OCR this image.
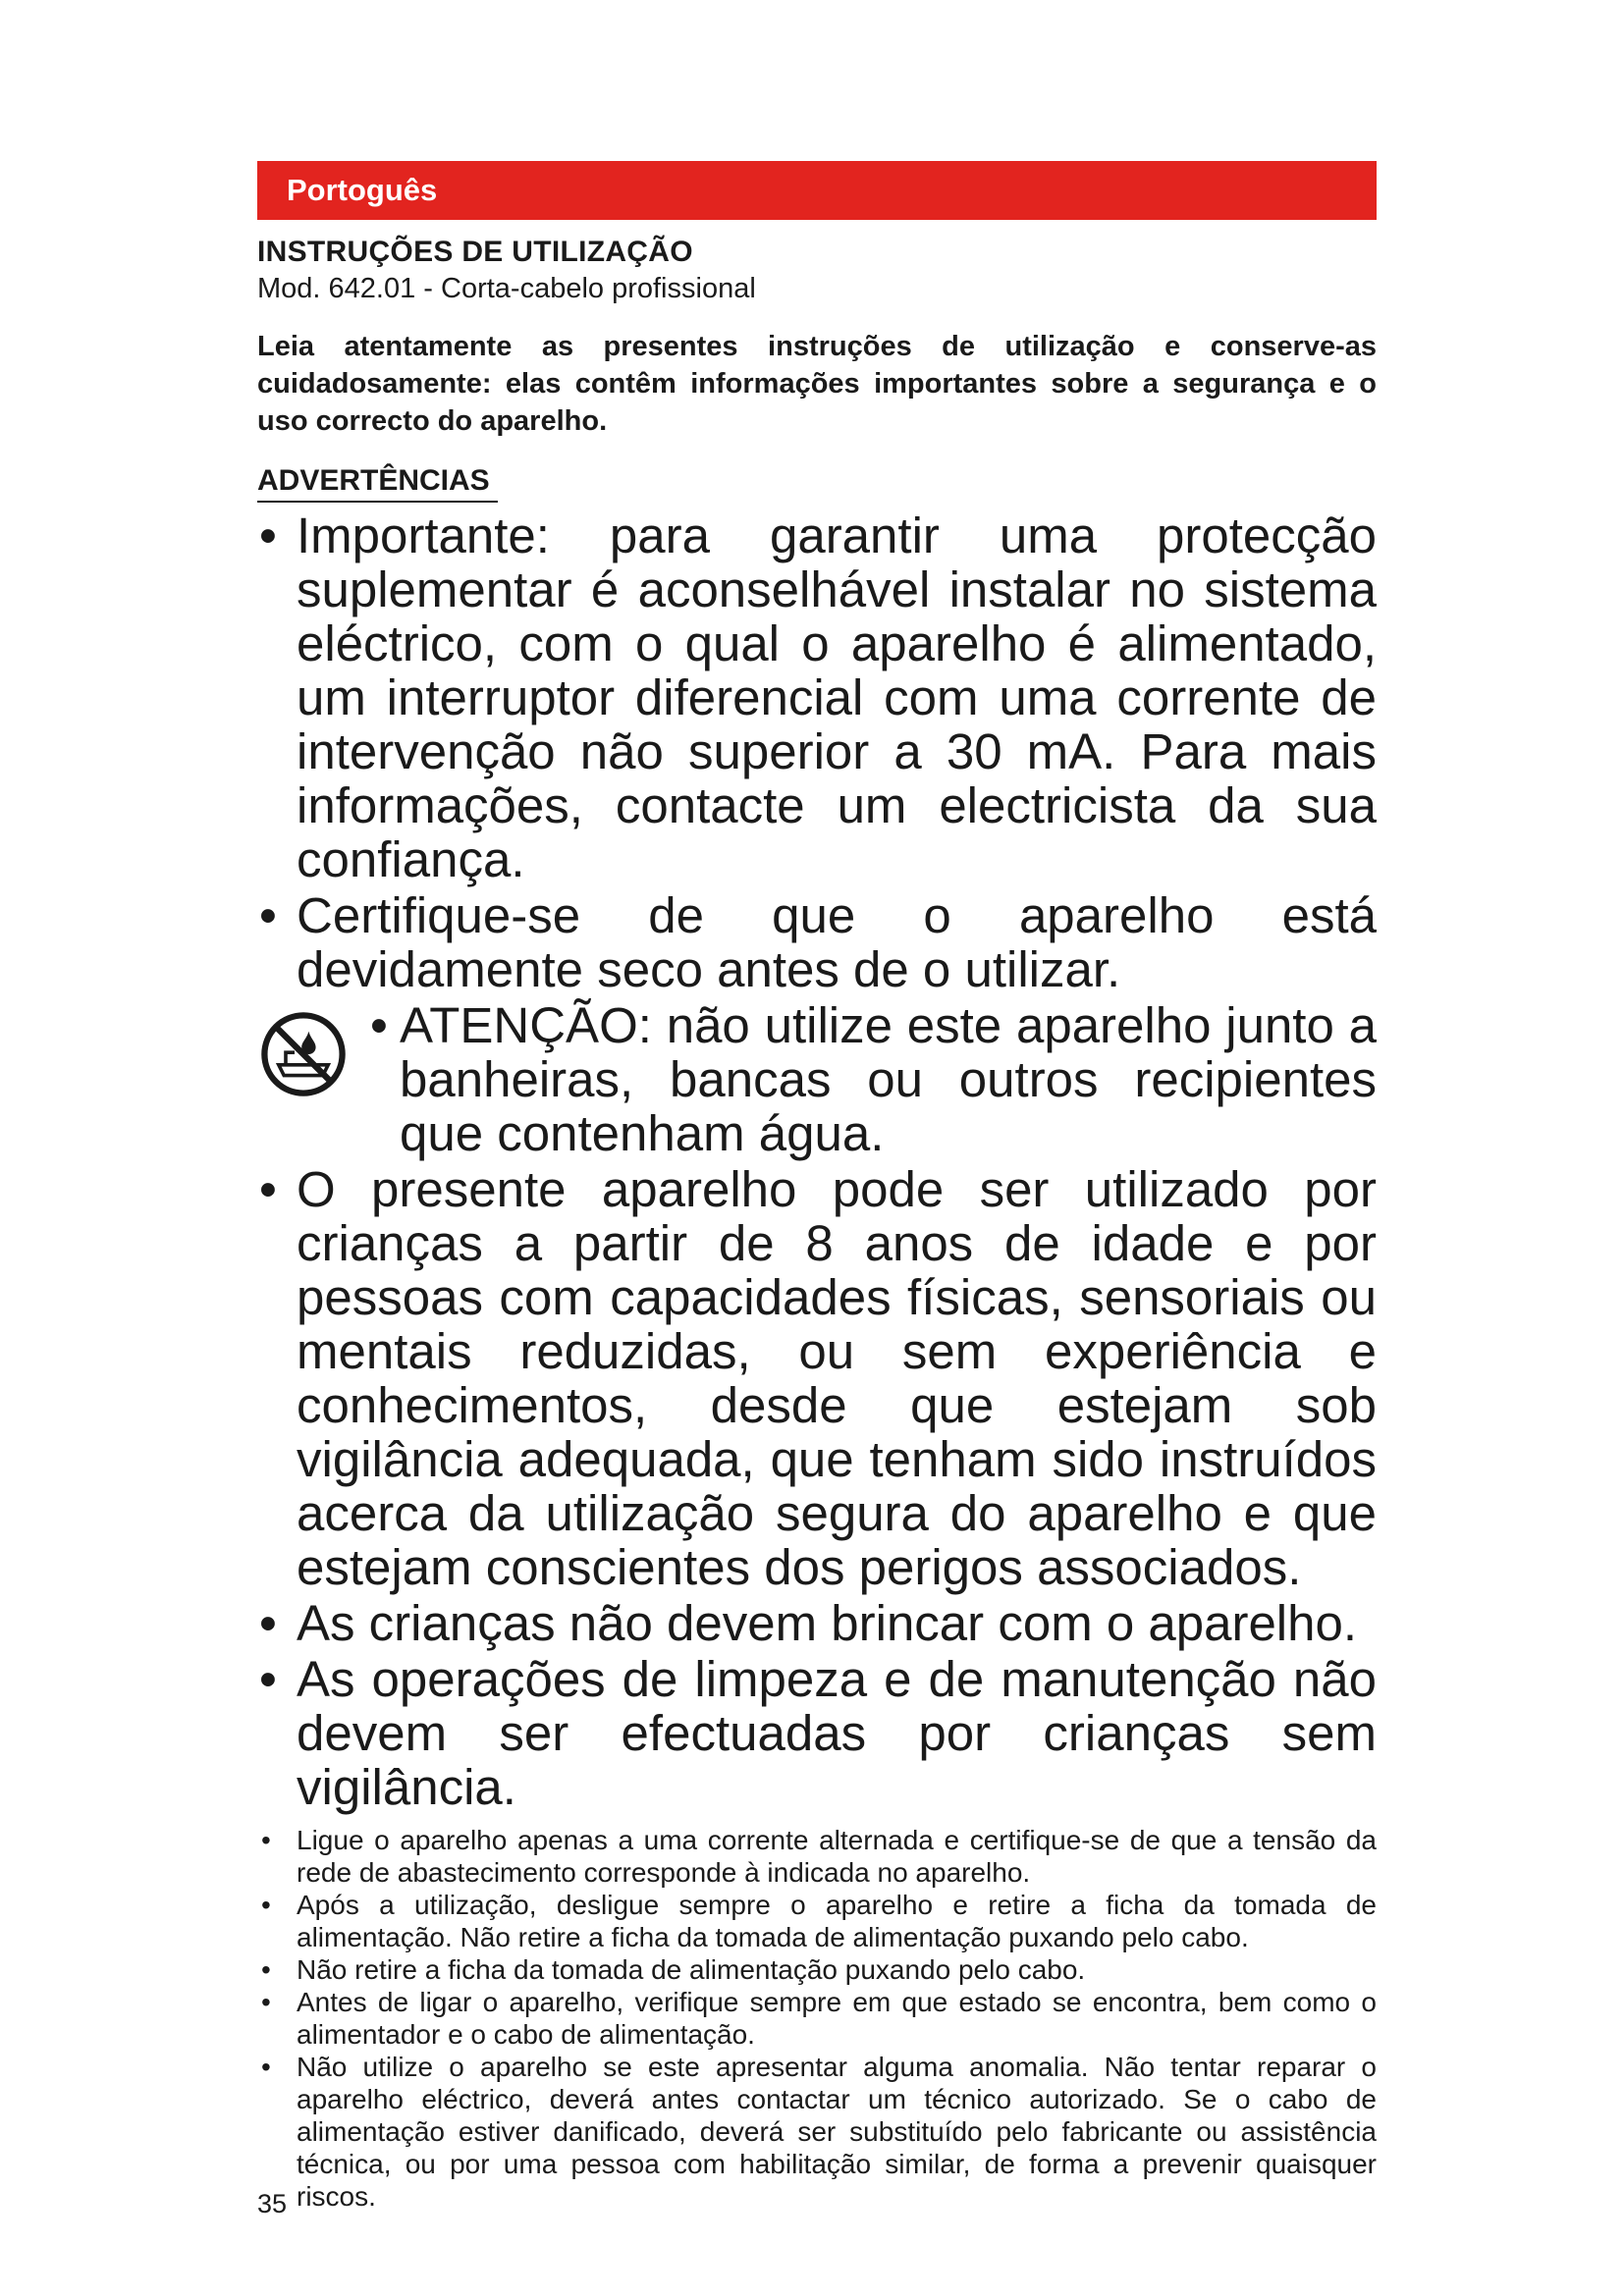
Portoguês
INSTRUÇÕES DE UTILIZAÇÃO
Mod. 642.01 - Corta-cabelo profissional
Leia atentamente as presentes instruções de utilização e conserve-as cuidadosamente: elas contêm informações importantes sobre a segurança e o uso correcto do aparelho.
ADVERTÊNCIAS
• Importante: para garantir uma protecção suplementar é aconselhável instalar no sistema eléctrico, com o qual o aparelho é alimentado, um interruptor diferencial com uma corrente de intervenção não superior a 30 mA. Para mais informações, contacte um electricista da sua confiança.
• Certifique-se de que o aparelho está devidamente seco antes de o utilizar.
• ATENÇÃO: não utilize este aparelho junto a banheiras, bancas ou outros recipientes que contenham água.
• O presente aparelho pode ser utilizado por crianças a partir de 8 anos de idade e por pessoas com capacidades físicas, sensoriais ou mentais reduzidas, ou sem experiência e conhecimentos, desde que estejam sob vigilância adequada, que tenham sido instruídos acerca da utilização segura do aparelho e que estejam conscientes dos perigos associados.
• As crianças não devem brincar com o aparelho.
• As operações de limpeza e de manutenção não devem ser efectuadas por crianças sem vigilância.
• Ligue o aparelho apenas a uma corrente alternada e certifique-se de que a tensão da rede de abastecimento corresponde à indicada no aparelho.
• Após a utilização, desligue sempre o aparelho e retire a ficha da tomada de alimentação. Não retire a ficha da tomada de alimentação puxando pelo cabo.
• Não retire a ficha da tomada de alimentação puxando pelo cabo.
• Antes de ligar o aparelho, verifique sempre em que estado se encontra, bem como o alimentador e o cabo de alimentação.
• Não utilize o aparelho se este apresentar alguma anomalia. Não tentar reparar o aparelho eléctrico, deverá antes contactar um técnico autorizado. Se o cabo de alimentação estiver danificado, deverá ser substituído pelo fabricante ou assistência técnica, ou por uma pessoa com habilitação similar, de forma a prevenir quaisquer riscos.
35
